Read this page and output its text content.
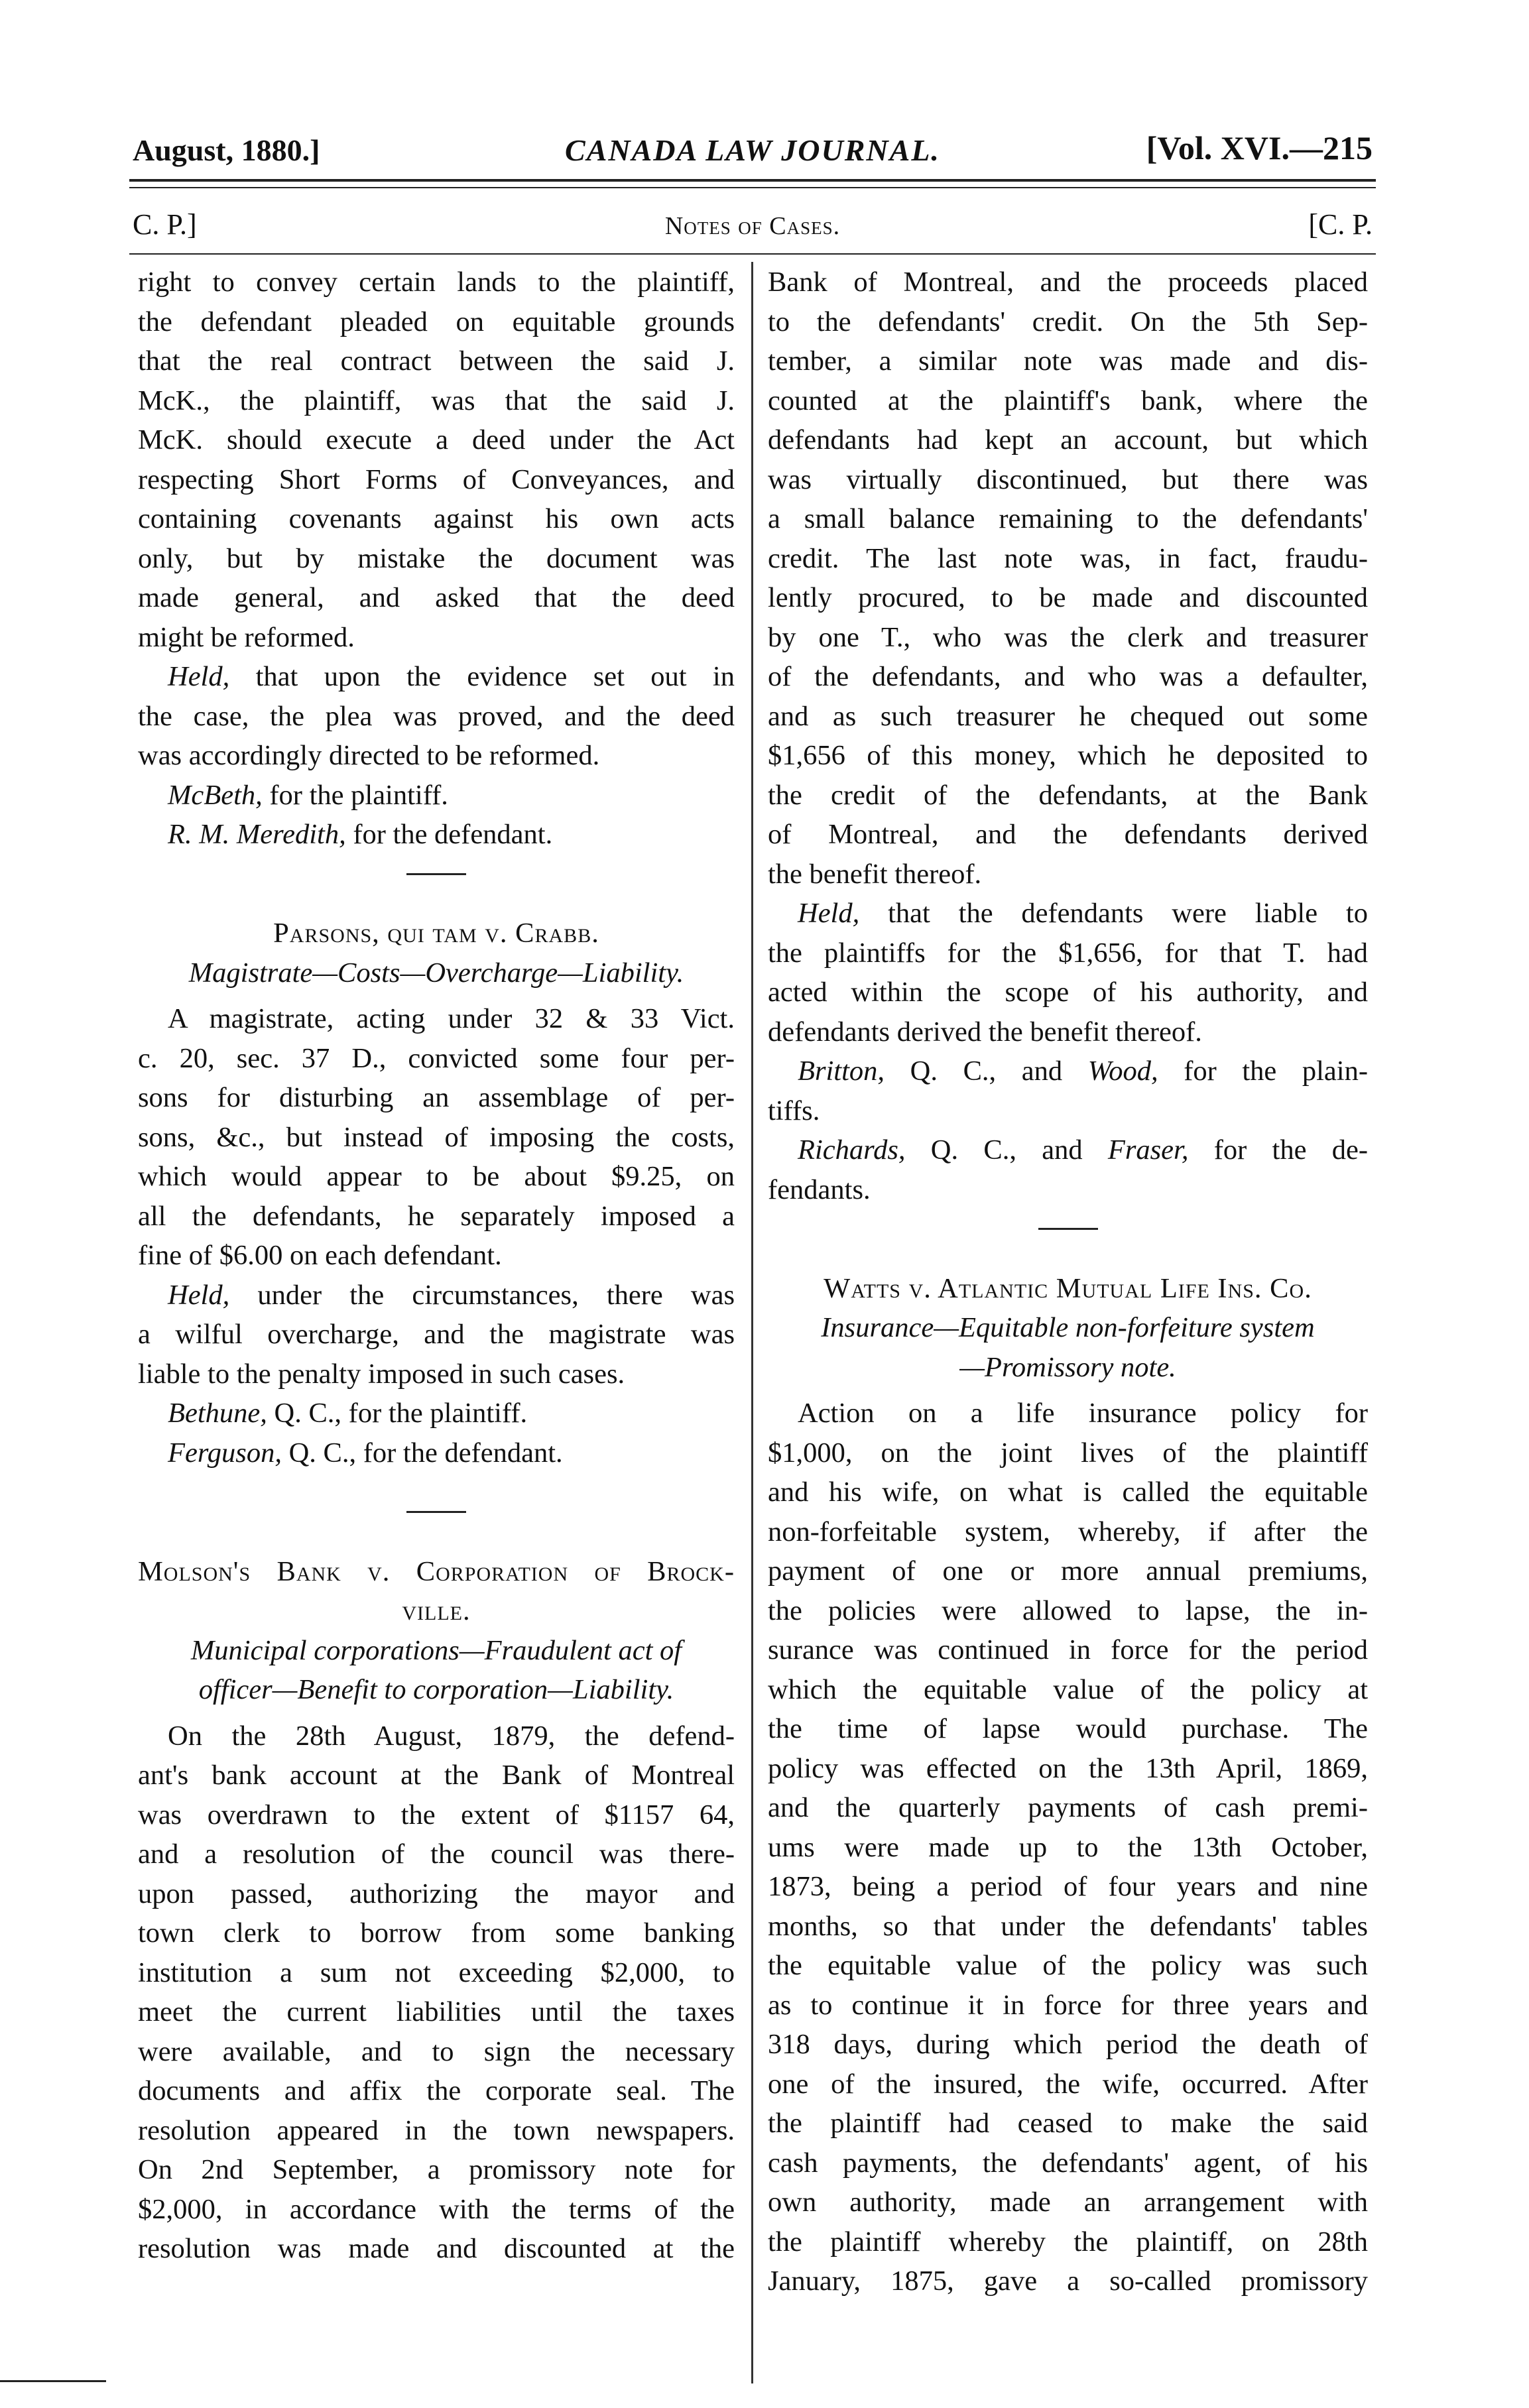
August, 1880.]	CANADA LAW JOURNAL.	[Vol. XVI.—215
C. P.]	Notes of Cases.	[C. P.
right to convey certain lands to the plaintiff,
the defendant pleaded on equitable grounds
that the real contract between the said J.
McK., the plaintiff, was that the said J.
McK. should execute a deed under the Act
respecting Short Forms of Conveyances, and
containing covenants against his own acts
only, but by mistake the document was
made general, and asked that the deed
might be reformed.
Held, that upon the evidence set out in
the case, the plea was proved, and the deed
was accordingly directed to be reformed.
McBeth, for the plaintiff.
R. M. Meredith, for the defendant.
Parsons, qui tam v. Crabb.
Magistrate—Costs—Overcharge—Liability.
A magistrate, acting under 32 & 33 Vict.
c. 20, sec. 37 D., convicted some four per-
sons for disturbing an assemblage of per-
sons, &c., but instead of imposing the costs,
which would appear to be about $9.25, on
all the defendants, he separately imposed a
fine of $6.00 on each defendant.
Held, under the circumstances, there was
a wilful overcharge, and the magistrate was
liable to the penalty imposed in such cases.
Bethune, Q. C., for the plaintiff.
Ferguson, Q. C., for the defendant.
Molson's Bank v. Corporation of Brock-
ville.
Municipal corporations—Fraudulent act of
officer—Benefit to corporation—Liability.
On the 28th August, 1879, the defend-
ant's bank account at the Bank of Montreal
was overdrawn to the extent of $1157 64,
and a resolution of the council was there-
upon passed, authorizing the mayor and
town clerk to borrow from some banking
institution a sum not exceeding $2,000, to
meet the current liabilities until the taxes
were available, and to sign the necessary
documents and affix the corporate seal. The
resolution appeared in the town newspapers.
On 2nd September, a promissory note for
$2,000, in accordance with the terms of the
resolution was made and discounted at the
Bank of Montreal, and the proceeds placed
to the defendants' credit. On the 5th Sep-
tember, a similar note was made and dis-
counted at the plaintiff's bank, where the
defendants had kept an account, but which
was virtually discontinued, but there was
a small balance remaining to the defendants'
credit. The last note was, in fact, fraudu-
lently procured, to be made and discounted
by one T., who was the clerk and treasurer
of the defendants, and who was a defaulter,
and as such treasurer he chequed out some
$1,656 of this money, which he deposited to
the credit of the defendants, at the Bank
of Montreal, and the defendants derived
the benefit thereof.
Held, that the defendants were liable to
the plaintiffs for the $1,656, for that T. had
acted within the scope of his authority, and
defendants derived the benefit thereof.
Britton, Q. C., and Wood, for the plain-
tiffs.
Richards, Q. C., and Fraser, for the de-
fendants.
Watts v. Atlantic Mutual Life Ins. Co.
Insurance—Equitable non-forfeiture system
—Promissory note.
Action on a life insurance policy for
$1,000, on the joint lives of the plaintiff
and his wife, on what is called the equitable
non-forfeitable system, whereby, if after the
payment of one or more annual premiums,
the policies were allowed to lapse, the in-
surance was continued in force for the period
which the equitable value of the policy at
the time of lapse would purchase. The
policy was effected on the 13th April, 1869,
and the quarterly payments of cash premi-
ums were made up to the 13th October,
1873, being a period of four years and nine
months, so that under the defendants' tables
the equitable value of the policy was such
as to continue it in force for three years and
318 days, during which period the death of
one of the insured, the wife, occurred. After
the plaintiff had ceased to make the said
cash payments, the defendants' agent, of his
own authority, made an arrangement with
the plaintiff whereby the plaintiff, on 28th
January, 1875, gave a so-called promissory
